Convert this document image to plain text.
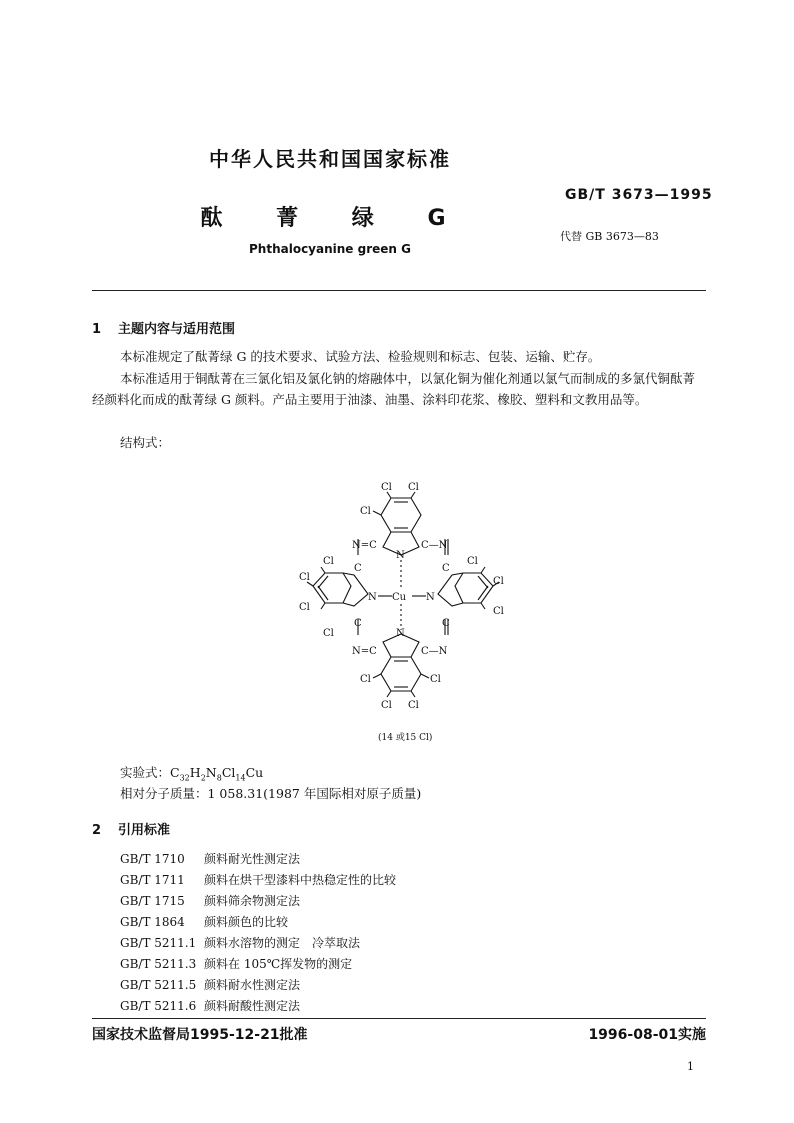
中华人民共和国国家标准
GB/T 3673—1995
酞 菁 绿 G
Phthalocyanine green G
代替 GB 3673—83
1 主题内容与适用范围
本标准规定了酞菁绿 G 的技术要求、试验方法、检验规则和标志、包装、运输、贮存。
本标准适用于铜酞菁在三氯化铝及氯化钠的熔融体中，以氯化铜为催化剂通以氯气而制成的多氯代铜酞菁经颜料化而成的酞菁绿 G 颜料。产品主要用于油漆、油墨、涂料印花浆、橡胶、塑料和文教用品等。
结构式：
Cl Cl
Cl
N=C
N
C—N
C	C
Cl
Cl
Cl
Cl
N Cu N
Cl
Cl
Cl
C	C
N
N=C	C—N
Cl	Cl
Cl Cl
(14 或15 Cl)
实验式：$C_{32}H_2N_8Cl_{14}Cu$
相对分子质量：1 058.31(1987 年国际相对原子质量)
2 引用标准
GB/T 1710 颜料耐光性测定法
GB/T 1711 颜料在烘干型漆料中热稳定性的比较
GB/T 1715 颜料筛余物测定法
GB/T 1864 颜料颜色的比较
GB/T 5211.1 颜料水溶物的测定　冷萃取法
GB/T 5211.3 颜料在 105℃挥发物的测定
GB/T 5211.5 颜料耐水性测定法
GB/T 5211.6 颜料耐酸性测定法
国家技术监督局1995-12-21批准	1996-08-01实施
1
